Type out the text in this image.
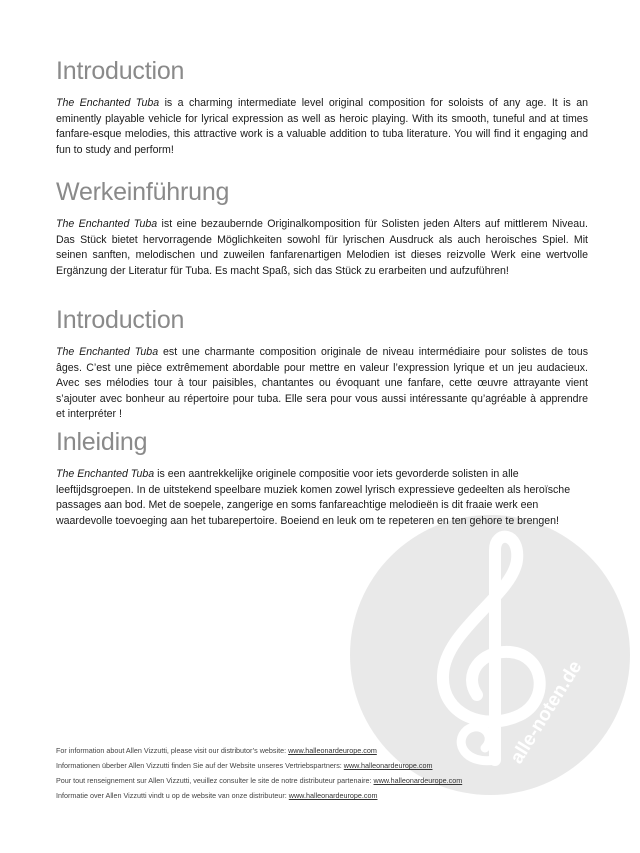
alle-noten.de
Introduction

The Enchanted Tuba is a charming intermediate level original composition for soloists of any age. It is an eminently playable vehicle for lyrical expression as well as heroic playing. With its smooth, tuneful and at times fanfare-esque melodies, this attractive work is a valuable addition to tuba literature. You will find it engaging and fun to study and perform!

Werkeinführung

The Enchanted Tuba ist eine bezaubernde Originalkomposition für Solisten jeden Alters auf mittlerem Niveau. Das Stück bietet hervorragende Möglichkeiten sowohl für lyrischen Ausdruck als auch heroisches Spiel. Mit seinen sanften, melodischen und zuweilen fanfarenartigen Melodien ist dieses reizvolle Werk eine wertvolle Ergänzung der Literatur für Tuba. Es macht Spaß, sich das Stück zu erarbeiten und aufzuführen!

Introduction

The Enchanted Tuba est une charmante composition originale de niveau intermédiaire pour solistes de tous âges. C’est une pièce extrêmement abordable pour mettre en valeur l’expression lyrique et un jeu audacieux. Avec ses mélodies tour à tour paisibles, chantantes ou évoquant une fanfare, cette œuvre attrayante vient s’ajouter avec bonheur au répertoire pour tuba. Elle sera pour vous aussi intéressante qu’agréable à apprendre et interpréter !

Inleiding

The Enchanted Tuba is een aantrekkelijke originele compositie voor iets gevorderde solisten in alle leeftijdsgroepen. In de uitstekend speelbare muziek komen zowel lyrisch expressieve gedeelten als heroïsche passages aan bod. Met de soepele, zangerige en soms fanfareachtige melodieën is dit fraaie werk een waardevolle toevoeging aan het tubarepertoire. Boeiend en leuk om te repeteren en ten gehore te brengen!

For information about Allen Vizzutti, please visit our distributor’s website: www.halleonardeurope.com
Informationen überber Allen Vizzutti finden Sie auf der Website unseres Vertriebspartners: www.halleonardeurope.com
Pour tout renseignement sur Allen Vizzutti, veuillez consulter le site de notre distributeur partenaire: www.halleonardeurope.com
Informatie over Allen Vizzutti vindt u op de website van onze distributeur: www.halleonardeurope.com
